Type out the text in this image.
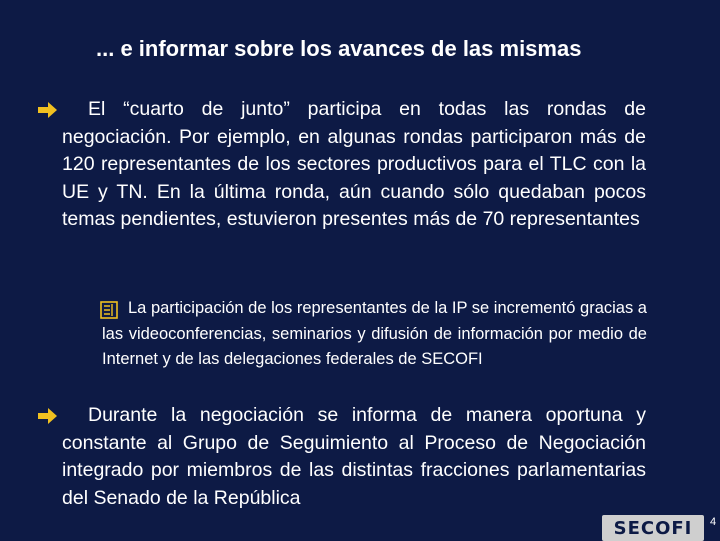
... e informar sobre los avances de las mismas
El “cuarto de junto” participa en todas las rondas de negociación. Por ejemplo, en algunas rondas participaron más de 120 representantes de los sectores productivos para el TLC con la UE y TN. En la última ronda, aún cuando sólo quedaban pocos temas pendientes, estuvieron presentes más de 70 representantes
La participación de los representantes de la IP se incrementó gracias a las videoconferencias, seminarios y difusión de información por medio de Internet y de las delegaciones federales de SECOFI
Durante la negociación se informa de manera oportuna y constante al Grupo de Seguimiento al Proceso de Negociación integrado por miembros de las distintas fracciones parlamentarias del Senado de la República
SECOFI	4
